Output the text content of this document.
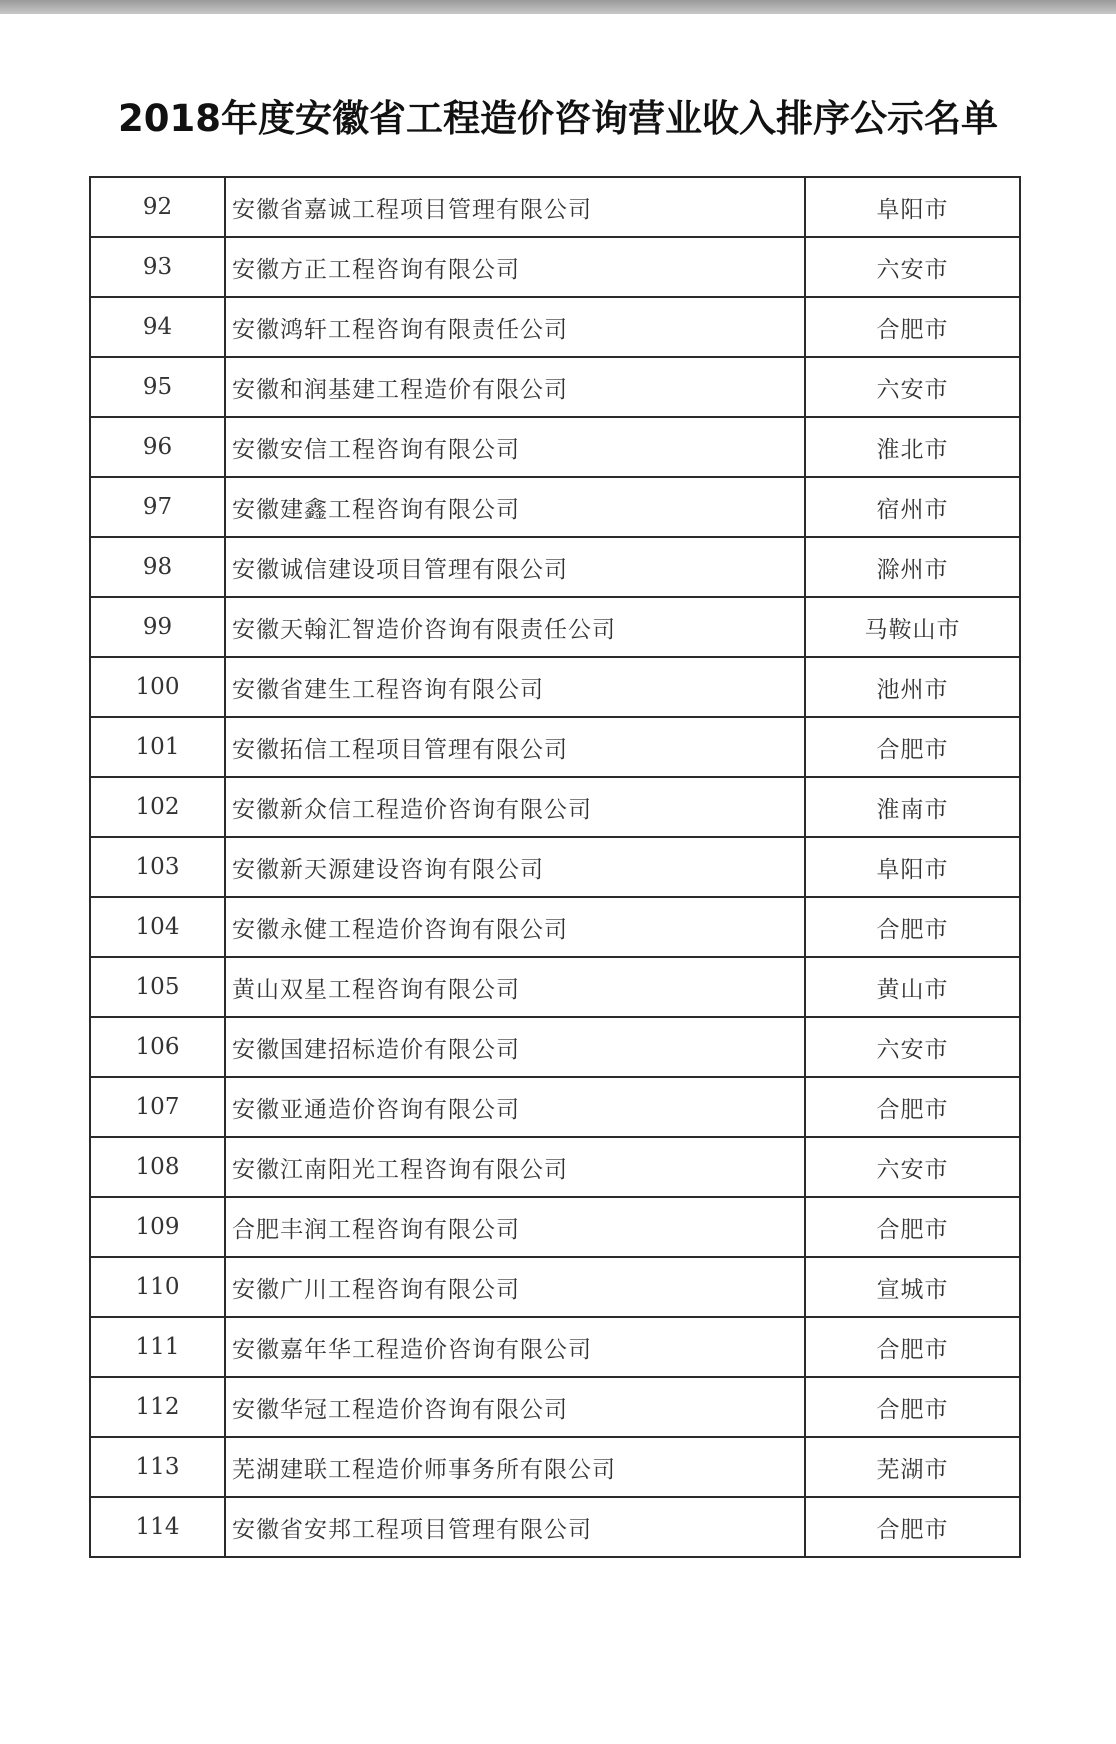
2018年度安徽省工程造价咨询营业收入排序公示名单
92	安徽省嘉诚工程项目管理有限公司	阜阳市
93	安徽方正工程咨询有限公司	六安市
94	安徽鸿轩工程咨询有限责任公司	合肥市
95	安徽和润基建工程造价有限公司	六安市
96	安徽安信工程咨询有限公司	淮北市
97	安徽建鑫工程咨询有限公司	宿州市
98	安徽诚信建设项目管理有限公司	滁州市
99	安徽天翰汇智造价咨询有限责任公司	马鞍山市
100	安徽省建生工程咨询有限公司	池州市
101	安徽拓信工程项目管理有限公司	合肥市
102	安徽新众信工程造价咨询有限公司	淮南市
103	安徽新天源建设咨询有限公司	阜阳市
104	安徽永健工程造价咨询有限公司	合肥市
105	黄山双星工程咨询有限公司	黄山市
106	安徽国建招标造价有限公司	六安市
107	安徽亚通造价咨询有限公司	合肥市
108	安徽江南阳光工程咨询有限公司	六安市
109	合肥丰润工程咨询有限公司	合肥市
110	安徽广川工程咨询有限公司	宣城市
111	安徽嘉年华工程造价咨询有限公司	合肥市
112	安徽华冠工程造价咨询有限公司	合肥市
113	芜湖建联工程造价师事务所有限公司	芜湖市
114	安徽省安邦工程项目管理有限公司	合肥市
